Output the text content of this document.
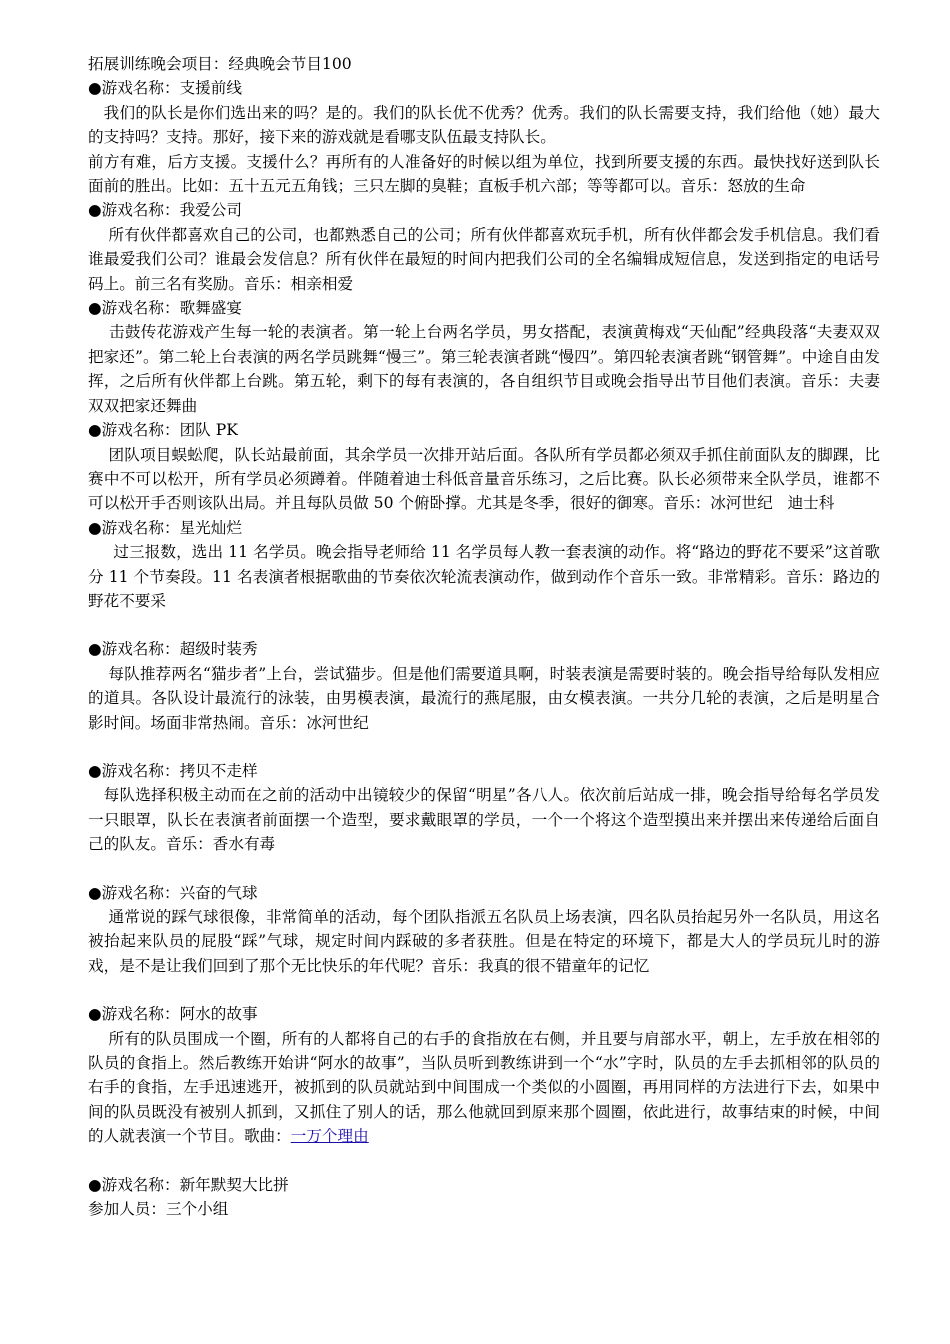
拓展训练晚会项目：经典晚会节目100

●游戏名称：支援前线

我们的队长是你们选出来的吗？是的。我们的队长优不优秀？优秀。我们的队长需要支持，我们给他（她）最大的支持吗？支持。那好，接下来的游戏就是看哪支队伍最支持队长。
前方有难，后方支援。支援什么？再所有的人准备好的时候以组为单位，找到所要支援的东西。最快找好送到队长面前的胜出。比如：五十五元五角钱；三只左脚的臭鞋；直板手机六部；等等都可以。音乐：怒放的生命

●游戏名称：我爱公司

所有伙伴都喜欢自己的公司，也都熟悉自己的公司；所有伙伴都喜欢玩手机，所有伙伴都会发手机信息。我们看谁最爱我们公司？谁最会发信息？所有伙伴在最短的时间内把我们公司的全名编辑成短信息，发送到指定的电话号码上。前三名有奖励。音乐：相亲相爱

●游戏名称：歌舞盛宴

击鼓传花游戏产生每一轮的表演者。第一轮上台两名学员，男女搭配，表演黄梅戏“天仙配”经典段落“夫妻双双把家还”。第二轮上台表演的两名学员跳舞“慢三”。第三轮表演者跳“慢四”。第四轮表演者跳“钢管舞”。中途自由发挥，之后所有伙伴都上台跳。第五轮，剩下的每有表演的，各自组织节目或晚会指导出节目他们表演。音乐：夫妻双双把家还舞曲

●游戏名称：团队 PK

团队项目蜈蚣爬，队长站最前面，其余学员一次排开站后面。各队所有学员都必须双手抓住前面队友的脚踝，比赛中不可以松开，所有学员必须蹲着。伴随着迪士科低音量音乐练习，之后比赛。队长必须带来全队学员，谁都不可以松开手否则该队出局。并且每队员做 50 个俯卧撑。尤其是冬季，很好的御寒。音乐：冰河世纪   迪士科

●游戏名称：星光灿烂

过三报数，选出 11 名学员。晚会指导老师给 11 名学员每人教一套表演的动作。将“路边的野花不要采”这首歌分 11 个节奏段。11 名表演者根据歌曲的节奏依次轮流表演动作，做到动作个音乐一致。非常精彩。音乐：路边的野花不要采

●游戏名称：超级时装秀

每队推荐两名“猫步者”上台，尝试猫步。但是他们需要道具啊，时装表演是需要时装的。晚会指导给每队发相应的道具。各队设计最流行的泳装，由男模表演，最流行的燕尾服，由女模表演。一共分几轮的表演，之后是明星合影时间。场面非常热闹。音乐：冰河世纪

●游戏名称：拷贝不走样

每队选择积极主动而在之前的活动中出镜较少的保留“明星”各八人。依次前后站成一排，晚会指导给每名学员发一只眼罩，队长在表演者前面摆一个造型，要求戴眼罩的学员，一个一个将这个造型摸出来并摆出来传递给后面自己的队友。音乐：香水有毒

●游戏名称：兴奋的气球

通常说的踩气球很像，非常简单的活动，每个团队指派五名队员上场表演，四名队员抬起另外一名队员，用这名被抬起来队员的屁股“踩”气球，规定时间内踩破的多者获胜。但是在特定的环境下，都是大人的学员玩儿时的游戏，是不是让我们回到了那个无比快乐的年代呢？音乐：我真的很不错童年的记忆

●游戏名称：阿水的故事

所有的队员围成一个圈，所有的人都将自己的右手的食指放在右侧，并且要与肩部水平，朝上，左手放在相邻的队员的食指上。然后教练开始讲“阿水的故事”，当队员听到教练讲到一个“水”字时，队员的左手去抓相邻的队员的右手的食指，左手迅速逃开，被抓到的队员就站到中间围成一个类似的小圆圈，再用同样的方法进行下去，如果中间的队员既没有被别人抓到，又抓住了别人的话，那么他就回到原来那个圆圈，依此进行，故事结束的时候，中间的人就表演一个节目。歌曲：一万个理由

●游戏名称：新年默契大比拼

参加人员：三个小组
